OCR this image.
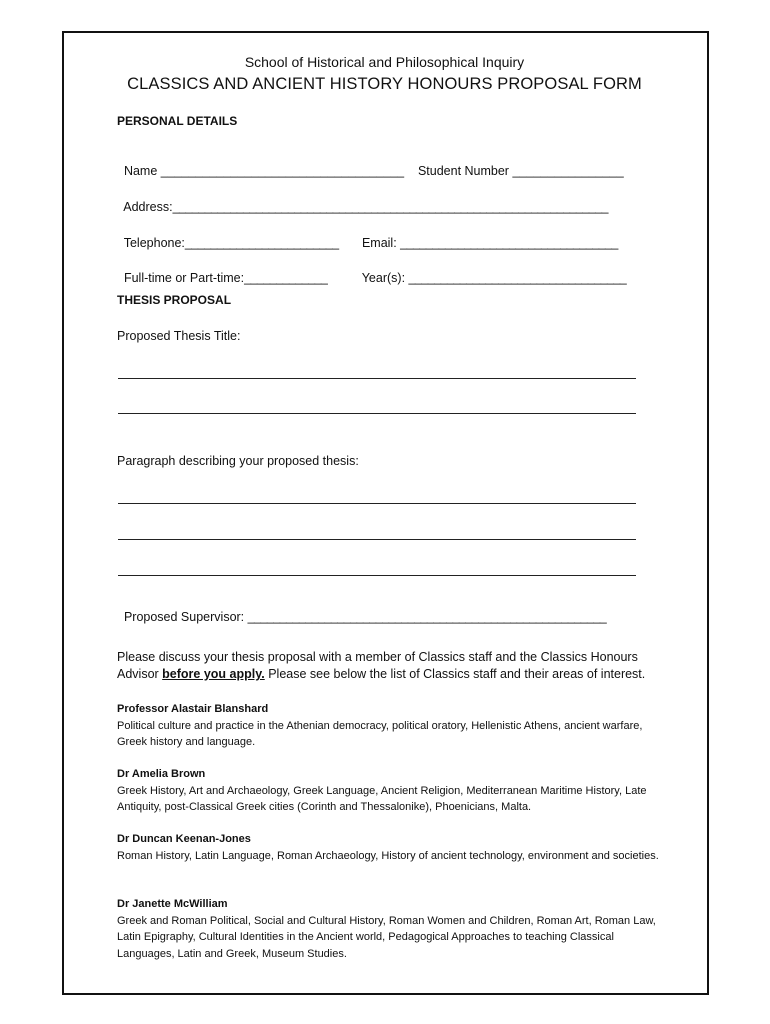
School of Historical and Philosophical Inquiry
CLASSICS AND ANCIENT HISTORY HONOURS PROPOSAL FORM
PERSONAL DETAILS

Name ___________________________________	Student Number ________________

Address:____________________________________________________________________

Telephone:________________________	Email: __________________________________

Full-time or Part-time:_____________	Year(s): __________________________________

THESIS PROPOSAL
Proposed Thesis Title:
Paragraph describing your proposed thesis:

Proposed Supervisor: ________________________________________________________

Please discuss your thesis proposal with a member of Classics staff and the Classics Honours Advisor before you apply. Please see below the list of Classics staff and their areas of interest.
Professor Alastair Blanshard
Political culture and practice in the Athenian democracy, political oratory, Hellenistic Athens, ancient warfare, Greek history and language.
Dr Amelia Brown
Greek History, Art and Archaeology, Greek Language, Ancient Religion, Mediterranean Maritime History, Late Antiquity, post-Classical Greek cities (Corinth and Thessalonike), Phoenicians, Malta.
Dr Duncan Keenan-Jones
Roman History, Latin Language, Roman Archaeology, History of ancient technology, environment and societies.
Dr Janette McWilliam
Greek and Roman Political, Social and Cultural History, Roman Women and Children, Roman Art, Roman Law, Latin Epigraphy, Cultural Identities in the Ancient world, Pedagogical Approaches to teaching Classical Languages, Latin and Greek, Museum Studies.
